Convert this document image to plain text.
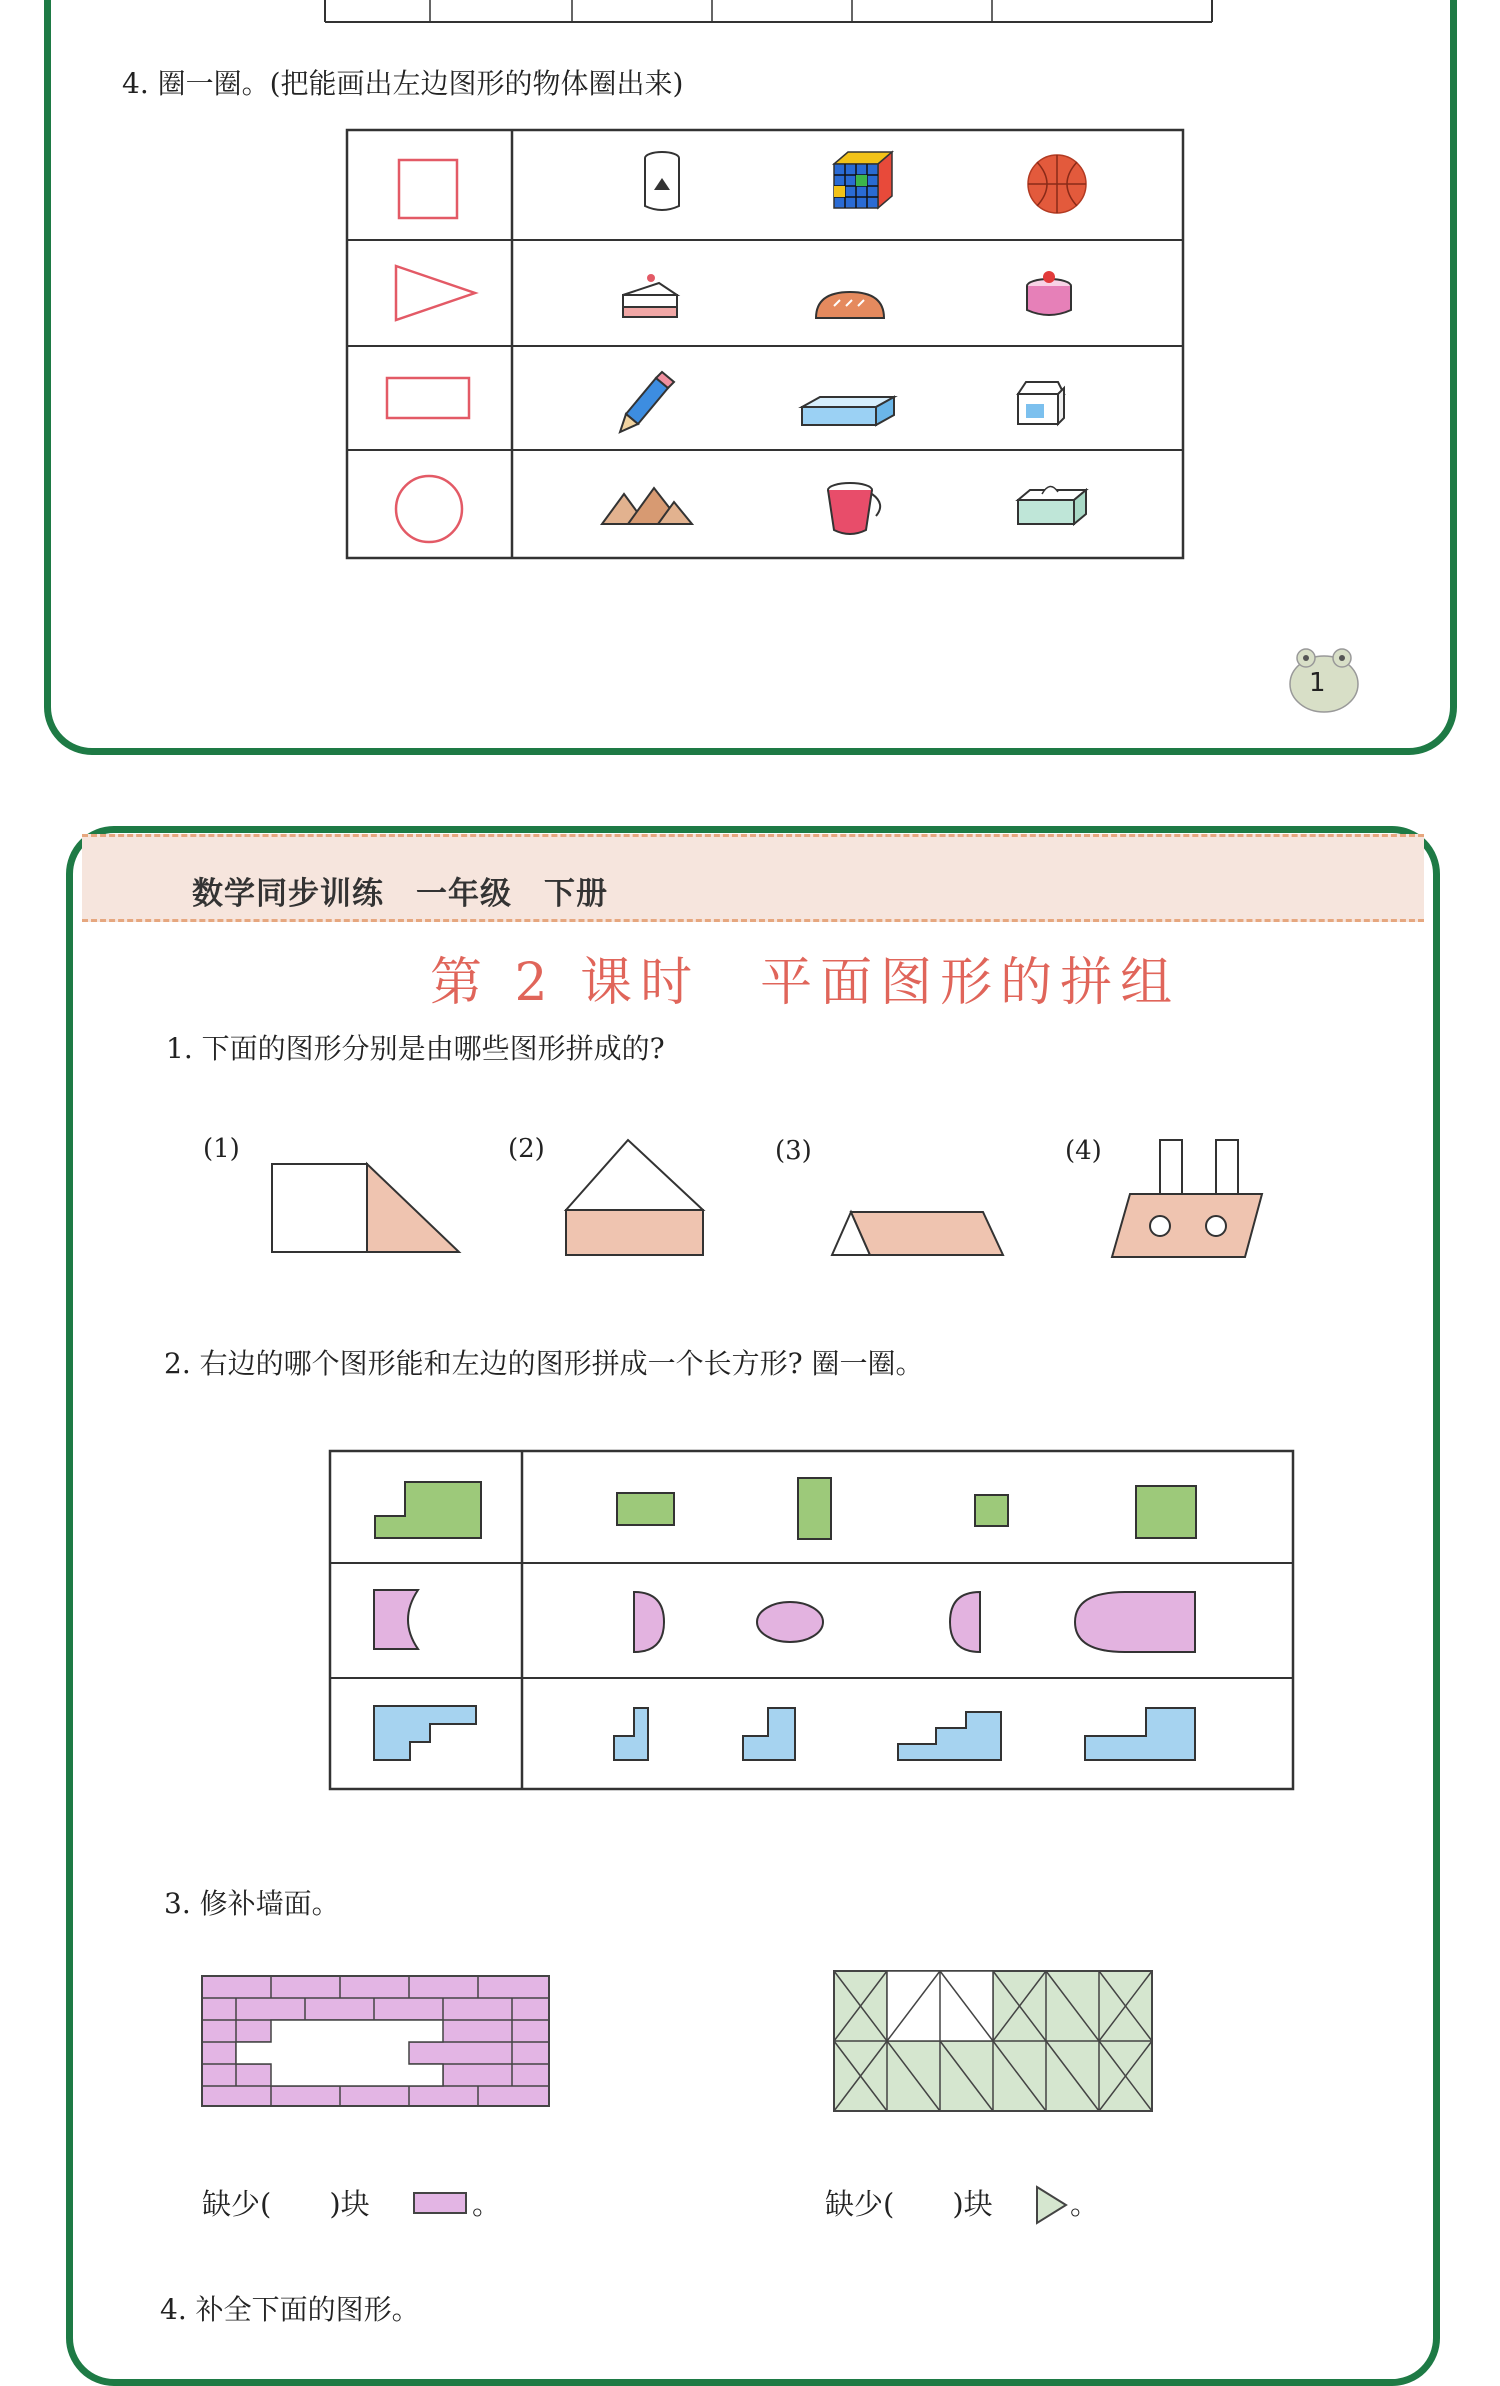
4. 圈一圈。(把能画出左边图形的物体圈出来)
1
数学同步训练　一年级　下册
第 2 课时　平面图形的拼组
1. 下面的图形分别是由哪些图形拼成的?
(1)	(2)	(3)	(4)
2. 右边的哪个图形能和左边的图形拼成一个长方形? 圈一圈。
3. 修补墙面。
缺少(　　)块	。	缺少(　　)块	。
4. 补全下面的图形。
